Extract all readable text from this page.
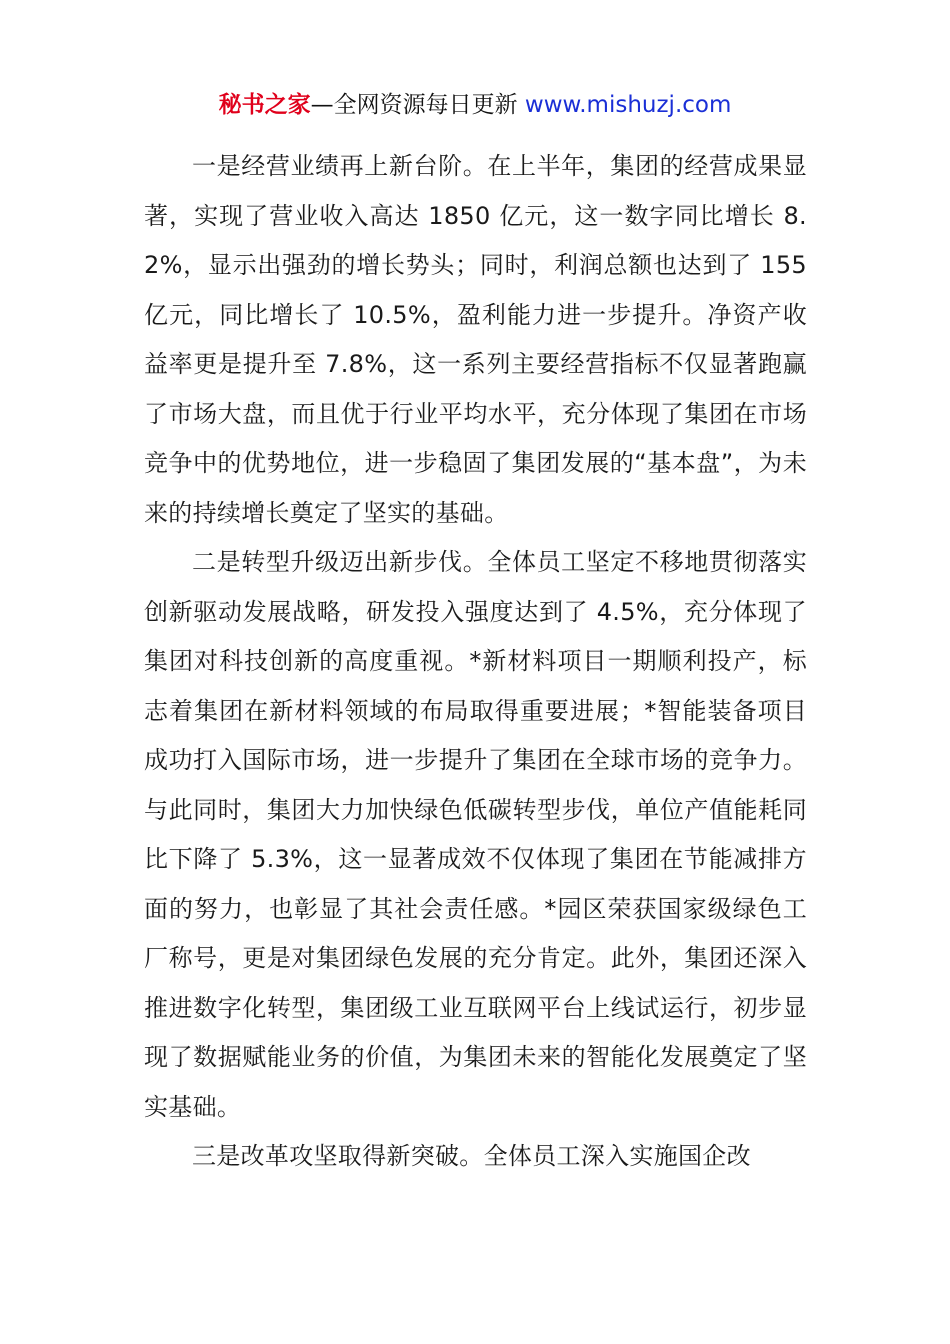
秘书之家—全网资源每日更新 www.mishuzj.com

一是经营业绩再上新台阶。在上半年，集团的经营成果显著，实现了营业收入高达 1850 亿元，这一数字同比增长 8.2%，显示出强劲的增长势头；同时，利润总额也达到了 155 亿元，同比增长了 10.5%，盈利能力进一步提升。净资产收益率更是提升至 7.8%，这一系列主要经营指标不仅显著跑赢了市场大盘，而且优于行业平均水平，充分体现了集团在市场竞争中的优势地位，进一步稳固了集团发展的“基本盘”，为未来的持续增长奠定了坚实的基础。

二是转型升级迈出新步伐。全体员工坚定不移地贯彻落实创新驱动发展战略，研发投入强度达到了 4.5%，充分体现了集团对科技创新的高度重视。*新材料项目一期顺利投产，标志着集团在新材料领域的布局取得重要进展；*智能装备项目成功打入国际市场，进一步提升了集团在全球市场的竞争力。与此同时，集团大力加快绿色低碳转型步伐，单位产值能耗同比下降了 5.3%，这一显著成效不仅体现了集团在节能减排方面的努力，也彰显了其社会责任感。*园区荣获国家级绿色工厂称号，更是对集团绿色发展的充分肯定。此外，集团还深入推进数字化转型，集团级工业互联网平台上线试运行，初步显现了数据赋能业务的价值，为集团未来的智能化发展奠定了坚实基础。

三是改革攻坚取得新突破。全体员工深入实施国企改
